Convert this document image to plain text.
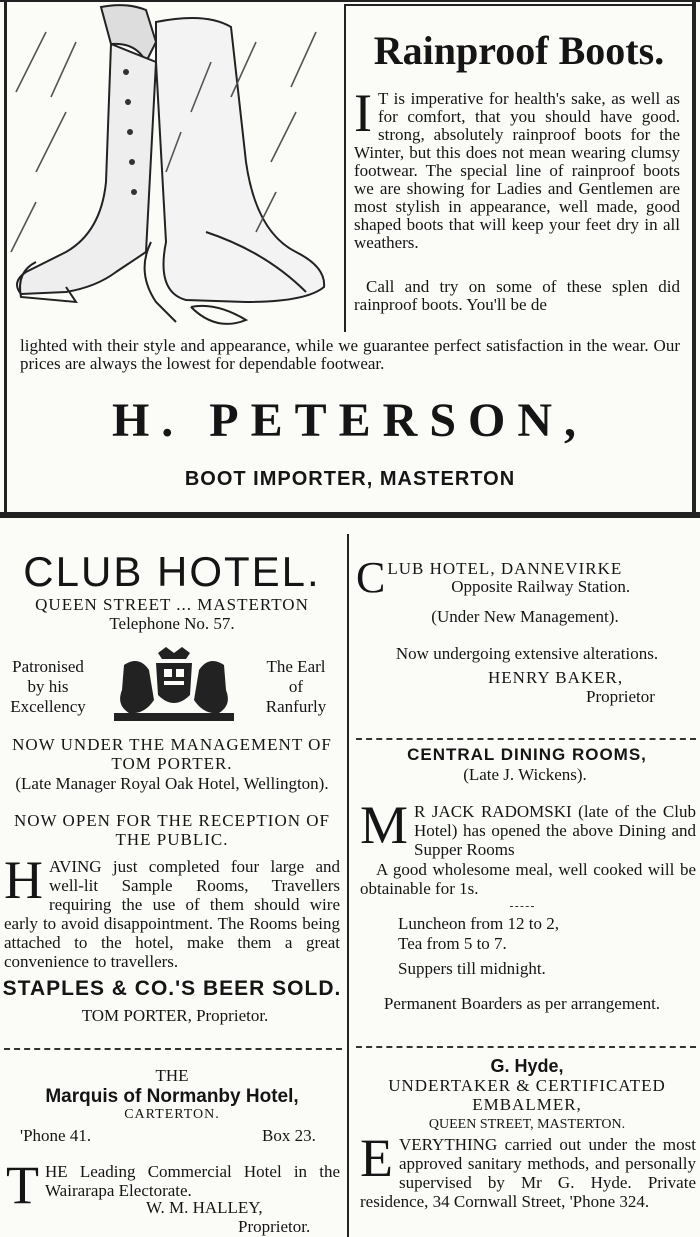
Rainproof Boots.
I T is imperative for health's sake, as well as for comfort, that you should have good. strong, absolutely rainproof boots for the Winter, but this does not mean wearing clumsy footwear. The special line of rainproof boots we are showing for Ladies and Gentlemen are most stylish in appearance, well made, good shaped boots that will keep your feet dry in all weathers.
Call and try on some of these splen did rainproof boots. You'll be de
lighted with their style and appearance, while we guarantee perfect satisfaction in the wear. Our prices are always the lowest for dependable footwear.
H. PETERSON,
BOOT IMPORTER, MASTERTON
CLUB HOTEL.
QUEEN STREET ... MASTERTON
Telephone No. 57.
Patronised
by his
Excellency
The Earl
of
Ranfurly
NOW UNDER THE MANAGEMENT OF TOM PORTER.
(Late Manager Royal Oak Hotel, Wellington).
NOW OPEN FOR THE RECEPTION OF THE PUBLIC.
H AVING just completed four large and well-lit Sample Rooms, Travellers requiring the use of them should wire early to avoid disappointment. The Rooms being attached to the hotel, make them a great convenience to travellers.
STAPLES & CO.'S BEER SOLD.
TOM PORTER, Proprietor.
THE
Marquis of Normanby Hotel,
CARTERTON.
'Phone 41.	Box 23.
T HE Leading Commercial Hotel in the Wairarapa Electorate.
W. M. HALLEY,
Proprietor.
C LUB HOTEL, DANNEVIRKE
Opposite Railway Station.
(Under New Management).
Now undergoing extensive alterations.
HENRY BAKER,
Proprietor
CENTRAL DINING ROOMS,
(Late J. Wickens).
M R JACK RADOMSKI (late of the Club Hotel) has opened the above Dining and Supper Rooms
A good wholesome meal, well cooked will be obtainable for 1s.
Luncheon from 12 to 2,
Tea from 5 to 7.
Suppers till midnight.
Permanent Boarders as per arrangement.
G. Hyde,
UNDERTAKER & CERTIFICATED EMBALMER,
QUEEN STREET, MASTERTON.
E VERYTHING carried out under the most approved sanitary methods, and personally supervised by Mr G. Hyde. Private residence, 34 Cornwall Street, 'Phone 324.
